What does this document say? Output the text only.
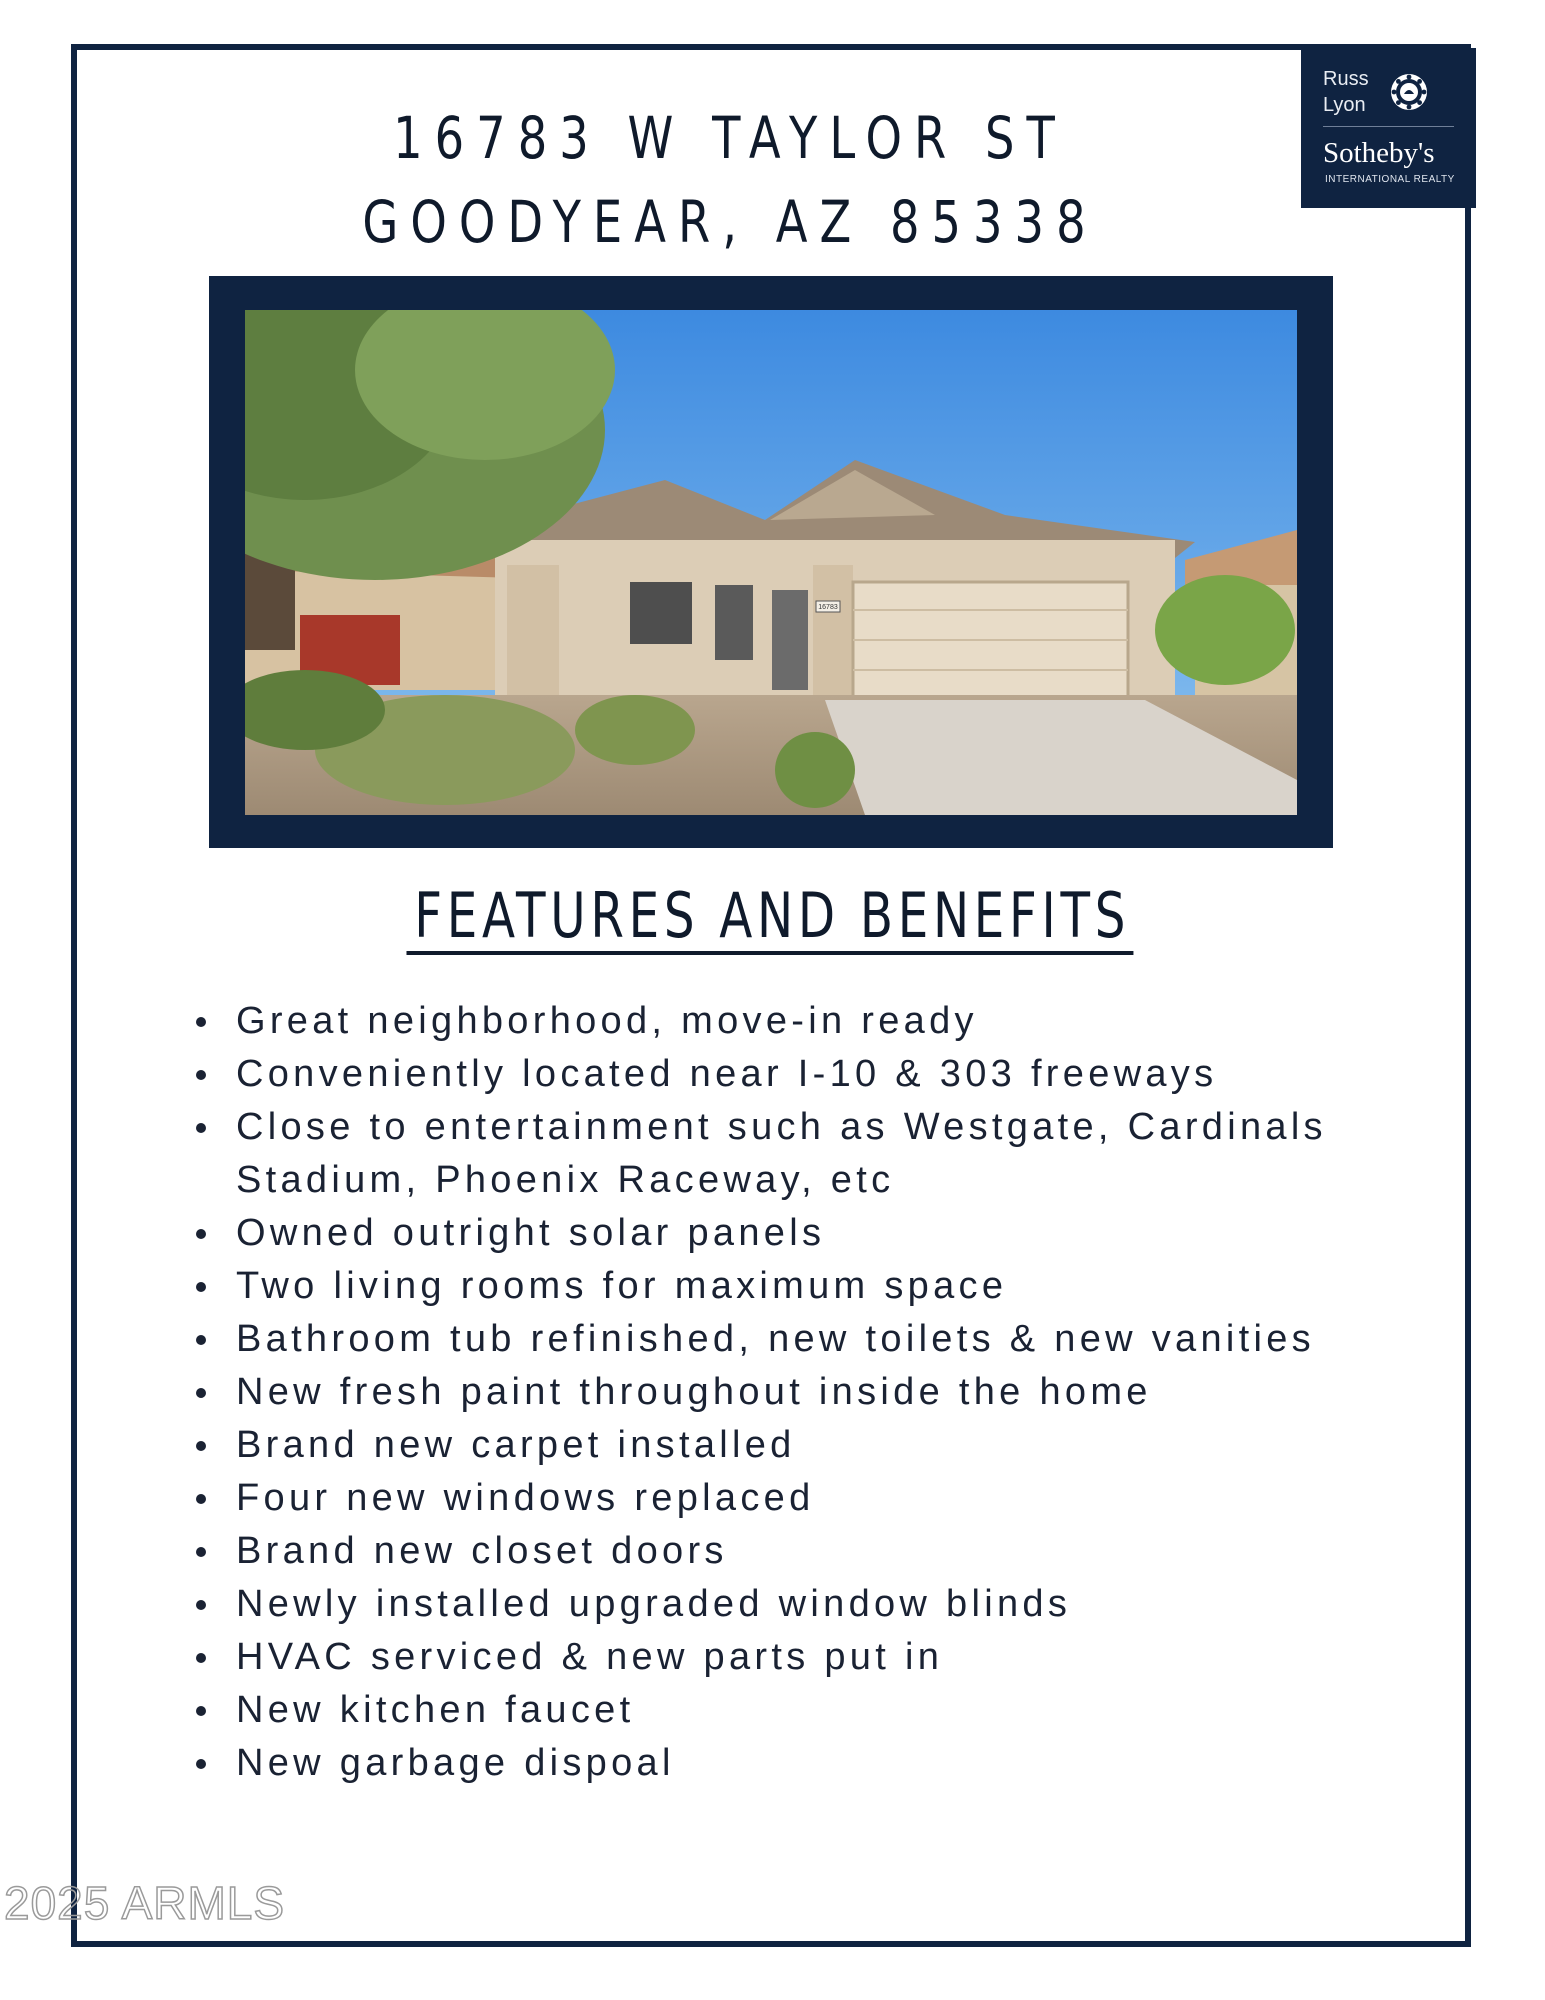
Russ
Lyon
Sotheby's
INTERNATIONAL REALTY
16783 W TAYLOR ST
GOODYEAR, AZ 85338
16783
FEATURES AND BENEFITS
Great neighborhood, move-in ready
Conveniently located near I-10 & 303 freeways
Close to entertainment such as Westgate, Cardinals Stadium, Phoenix Raceway, etc
Owned outright solar panels
Two living rooms for maximum space
Bathroom tub refinished, new toilets & new vanities
New fresh paint throughout inside the home
Brand new carpet installed
Four new windows replaced
Brand new closet doors
Newly installed upgraded window blinds
HVAC serviced & new parts put in
New kitchen faucet
New garbage dispoal
2025 ARMLS
